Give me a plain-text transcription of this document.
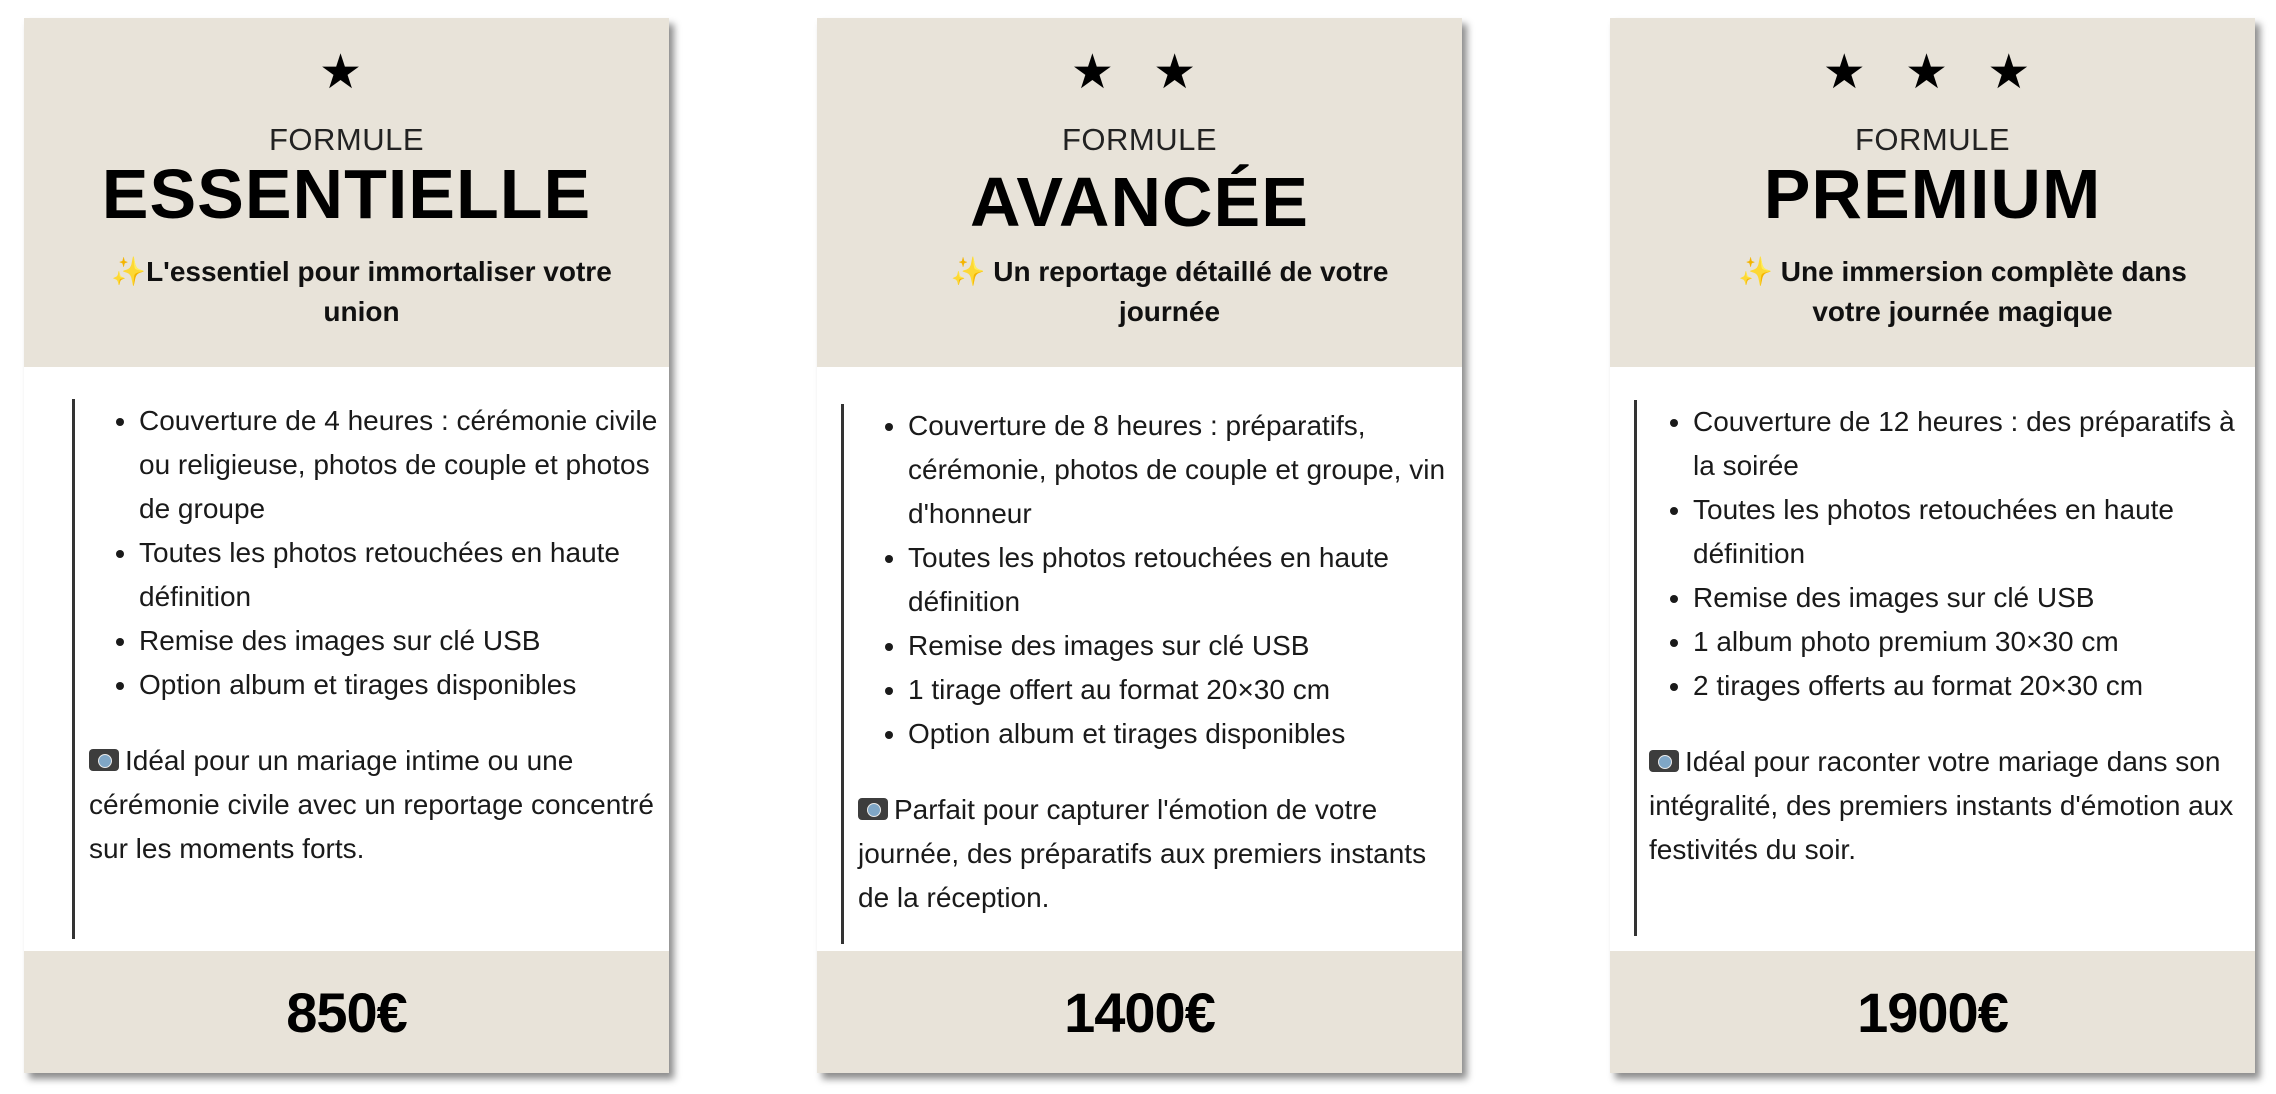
★
FORMULE
ESSENTIELLE
✨L'essentiel pour immortaliser votre union
• Couverture de 4 heures : cérémonie civile ou religieuse, photos de couple et photos de groupe
• Toutes les photos retouchées en haute définition
• Remise des images sur clé USB
• Option album et tirages disponibles
Idéal pour un mariage intime ou une cérémonie civile avec un reportage concentré sur les moments forts.
850€
★ ★
FORMULE
AVANCÉE
✨ Un reportage détaillé de votre journée
• Couverture de 8 heures : préparatifs, cérémonie, photos de couple et groupe, vin d'honneur
• Toutes les photos retouchées en haute définition
• Remise des images sur clé USB
• 1 tirage offert au format 20×30 cm
• Option album et tirages disponibles
Parfait pour capturer l'émotion de votre journée, des préparatifs aux premiers instants de la réception.
1400€
★ ★ ★
FORMULE
PREMIUM
✨ Une immersion complète dans votre journée magique
• Couverture de 12 heures : des préparatifs à la soirée
• Toutes les photos retouchées en haute définition
• Remise des images sur clé USB
• 1 album photo premium 30×30 cm
• 2 tirages offerts au format 20×30 cm
Idéal pour raconter votre mariage dans son intégralité, des premiers instants d'émotion aux festivités du soir.
1900€
